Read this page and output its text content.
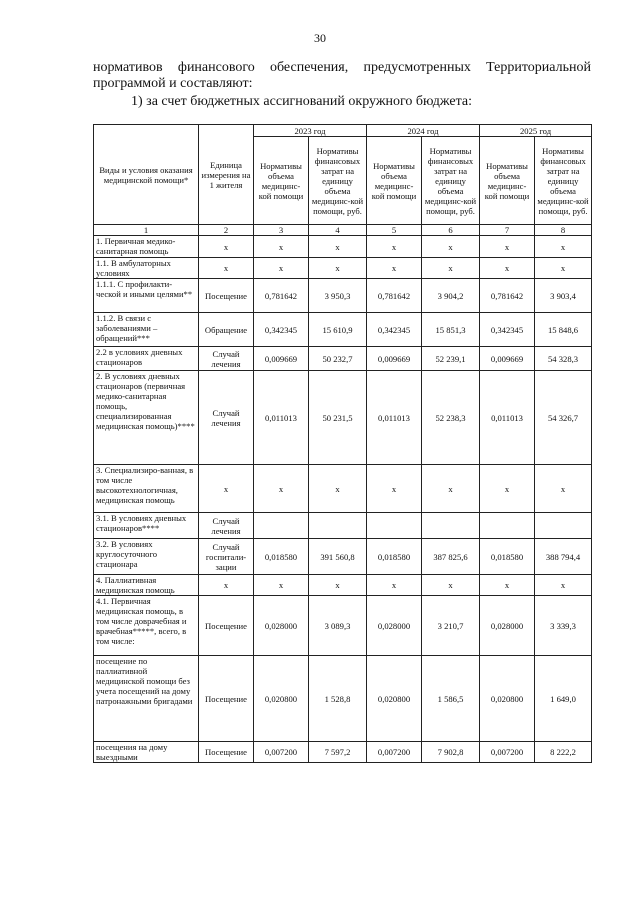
30
нормативов финансового обеспечения, предусмотренных Территориальной
программой и составляют:
1) за счет бюджетных ассигнований окружного бюджета:
Виды и условия оказания медицинской помощи*	Единица измерения на 1 жителя	2023 год		2024 год		2025 год	
		Нормативы объема медицинс-кой помощи	Нормативы финансовых затрат на единицу объема медицинс-кой помощи, руб.	Нормативы объема медицинс-кой помощи	Нормативы финансовых затрат на единицу объема медицинс-кой помощи, руб.	Нормативы объема медицинс-кой помощи	Нормативы финансовых затрат на единицу объема медицинс-кой помощи, руб.
1	2	3	4	5	6	7	8
1. Первичная медико-санитарная помощь	х	х	х	х	х	х	х
1.1. В амбулаторных условиях	х	х	х	х	х	х	х
1.1.1. С профилакти-ческой и иными целями**	Посещение	0,781642	3 950,3	0,781642	3 904,2	0,781642	3 903,4
1.1.2. В связи с заболеваниями – обращений***	Обращение	0,342345	15 610,9	0,342345	15 851,3	0,342345	15 848,6
2.2 в условиях дневных стационаров	Случай лечения	0,009669	50 232,7	0,009669	52 239,1	0,009669	54 328,3
2. В условиях дневных стационаров (первичная медико-санитарная помощь, специализированная медицинская помощь)****	Случай лечения	0,011013	50 231,5	0,011013	52 238,3	0,011013	54 326,7
3. Специализиро-ванная, в том числе высокотехнологичная, медицинская помощь	х	х	х	х	х	х	х
3.1. В условиях дневных стационаров****	Случай лечения						
3.2. В условиях круглосуточного стационара	Случай госпитали-зации	0,018580	391 560,8	0,018580	387 825,6	0,018580	388 794,4
4. Паллиативная медицинская помощь	х	х	х	х	х	х	х
4.1. Первичная медицинская помощь, в том числе доврачебная и врачебная*****, всего, в том числе:	Посещение	0,028000	3 089,3	0,028000	3 210,7	0,028000	3 339,3
посещение по паллиативной медицинской помощи без учета посещений на дому патронажными бригадами	Посещение	0,020800	1 528,8	0,020800	1 586,5	0,020800	1 649,0
посещения на дому выездными	Посещение	0,007200	7 597,2	0,007200	7 902,8	0,007200	8 222,2
